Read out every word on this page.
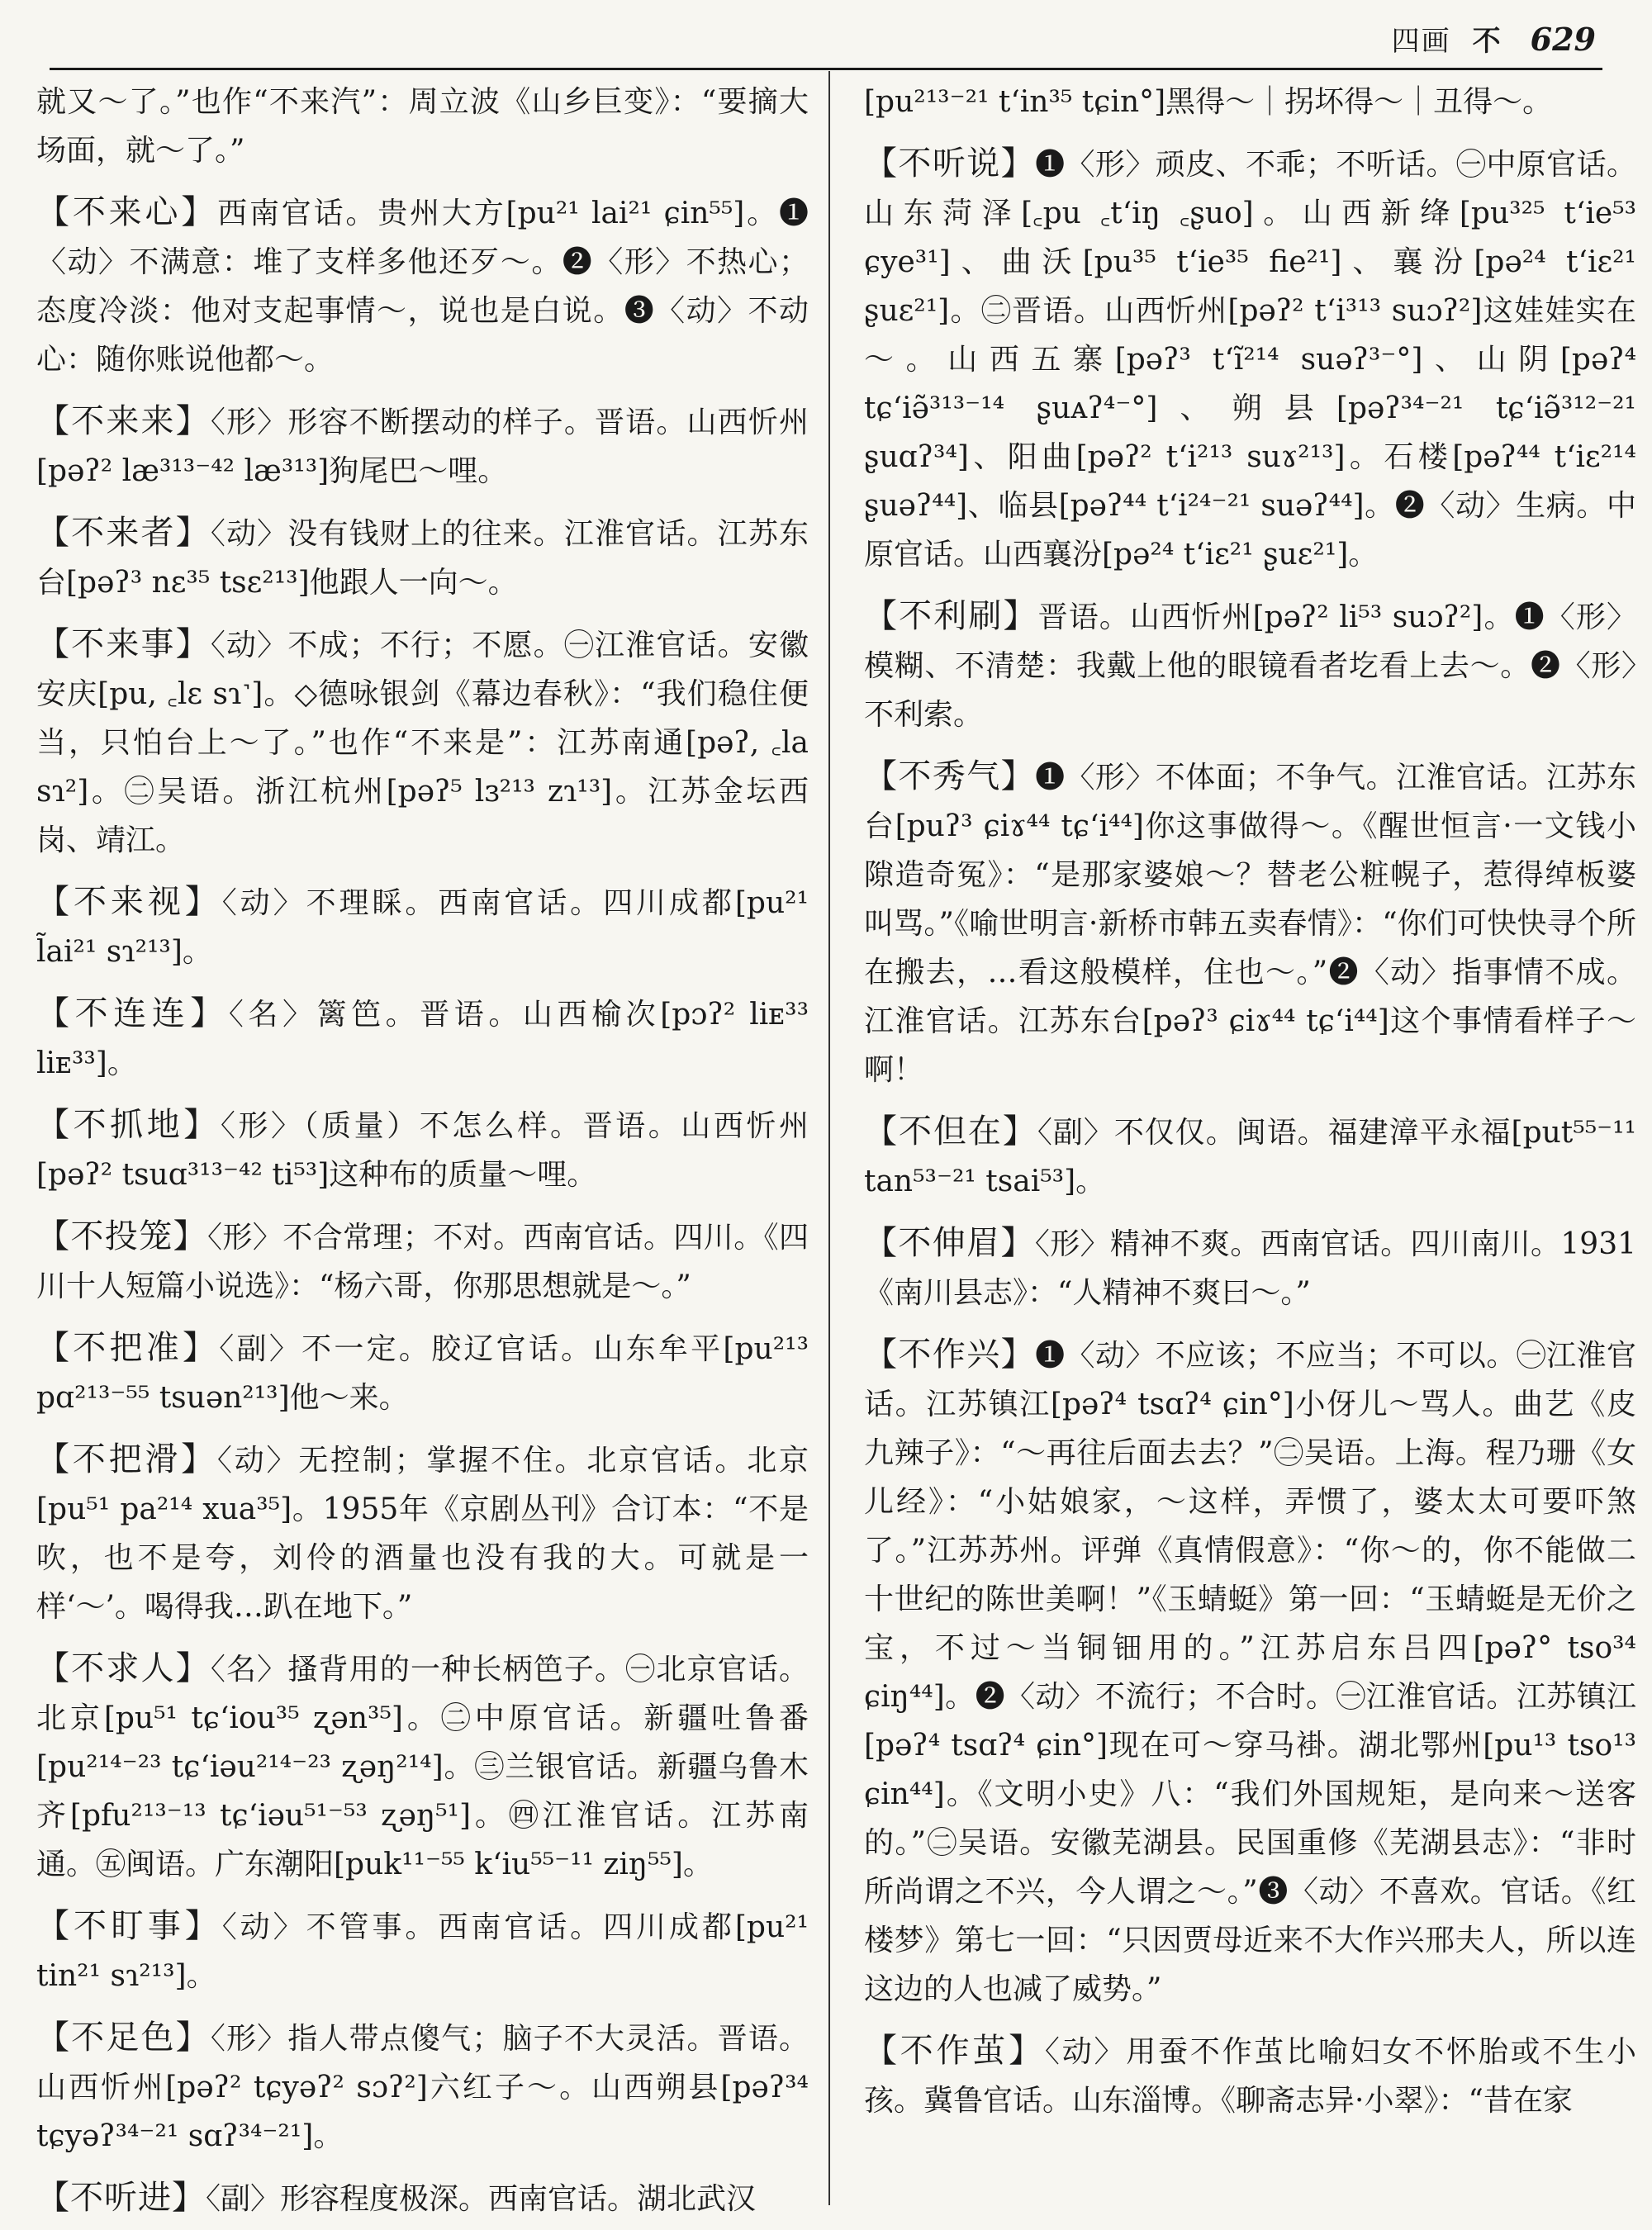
四画 不 629

就又～了。”也作“不来汽”：周立波《山乡巨变》：“要摘大场面，就～了。”

【不来心】西南官话。贵州大方[pu²¹ lai²¹ ɕin⁵⁵]。❶〈动〉不满意：堆了支样多他还歹～。❷〈形〉不热心；态度冷淡：他对支起事情～，说也是白说。❸〈动〉不动心：随你账说他都～。

【不来来】〈形〉形容不断摆动的样子。晋语。山西忻州[pəʔ² læ³¹³⁻⁴² læ³¹³]狗尾巴～哩。

【不来者】〈动〉没有钱财上的往来。江淮官话。江苏东台[pəʔ³ nɛ³⁵ tsɛ²¹³]他跟人一向～。

【不来事】〈动〉不成；不行；不愿。㊀江淮官话。安徽安庆[pu, ꜀lɛ sɿ˺]。◇德咏银剑《幕边春秋》：“我们稳住便当，只怕台上～了。”也作“不来是”：江苏南通[pəʔ, ꜀la sɿ²]。㊁吴语。浙江杭州[pəʔ⁵ lɜ²¹³ zɿ¹³]。江苏金坛西岗、靖江。

【不来视】〈动〉不理睬。西南官话。四川成都[pu²¹ l̃ai²¹ sɿ²¹³]。

【不连连】〈名〉篱笆。晋语。山西榆次[pɔʔ² liᴇ³³ liᴇ³³]。

【不抓地】〈形〉（质量）不怎么样。晋语。山西忻州[pəʔ² tsuɑ³¹³⁻⁴² ti⁵³]这种布的质量～哩。

【不投笼】〈形〉不合常理；不对。西南官话。四川。《四川十人短篇小说选》：“杨六哥，你那思想就是～。”

【不把准】〈副〉不一定。胶辽官话。山东牟平[pu²¹³ pɑ²¹³⁻⁵⁵ tsuən²¹³]他～来。

【不把滑】〈动〉无控制；掌握不住。北京官话。北京[pu⁵¹ pa²¹⁴ xua³⁵]。1955年《京剧丛刊》合订本：“不是吹，也不是夸，刘伶的酒量也没有我的大。可就是一样‘～’。喝得我…趴在地下。”

【不求人】〈名〉搔背用的一种长柄笆子。㊀北京官话。北京[pu⁵¹ tɕʻiou³⁵ ʐən³⁵]。㊁中原官话。新疆吐鲁番[pu²¹⁴⁻²³ tɕʻiəu²¹⁴⁻²³ ʐəŋ²¹⁴]。㊂兰银官话。新疆乌鲁木齐[pfu²¹³⁻¹³ tɕʻiəu⁵¹⁻⁵³ ʐəŋ⁵¹]。㊃江淮官话。江苏南通。㊄闽语。广东潮阳[puk¹¹⁻⁵⁵ kʻiu⁵⁵⁻¹¹ ziŋ⁵⁵]。

【不盯事】〈动〉不管事。西南官话。四川成都[pu²¹ tin²¹ sɿ²¹³]。

【不足色】〈形〉指人带点傻气；脑子不大灵活。晋语。山西忻州[pəʔ² tɕyəʔ² sɔʔ²]六红子～。山西朔县[pəʔ³⁴ tɕyəʔ³⁴⁻²¹ sɑʔ³⁴⁻²¹]。

【不听进】〈副〉形容程度极深。西南官话。湖北武汉

[pu²¹³⁻²¹ tʻin³⁵ tɕin°]黑得～｜拐坏得～｜丑得～。

【不听说】❶〈形〉顽皮、不乖；不听话。㊀中原官话。山东菏泽[꜀pu ꜀tʻiŋ ꜀ʂuo]。山西新绛[pu³²⁵ tʻie⁵³ ɕye³¹]、曲沃[pu³⁵ tʻie³⁵ fie²¹]、襄汾[pə²⁴ tʻiɛ²¹ ʂuɛ²¹]。㊁晋语。山西忻州[pəʔ² tʻi³¹³ suɔʔ²]这娃娃实在～。山西五寨[pəʔ³ tʻĩ²¹⁴ suəʔ³⁻°]、山阴[pəʔ⁴ tɕʻiə̃³¹³⁻¹⁴ ʂuᴀʔ⁴⁻°]、朔县[pəʔ³⁴⁻²¹ tɕʻiə̃³¹²⁻²¹ ʂuɑʔ³⁴]、阳曲[pəʔ² tʻi²¹³ suɤ²¹³]。石楼[pəʔ⁴⁴ tʻiɛ²¹⁴ ʂuəʔ⁴⁴]、临县[pəʔ⁴⁴ tʻi²⁴⁻²¹ suəʔ⁴⁴]。❷〈动〉生病。中原官话。山西襄汾[pə²⁴ tʻiɛ²¹ ʂuɛ²¹]。

【不利刷】晋语。山西忻州[pəʔ² li⁵³ suɔʔ²]。❶〈形〉模糊、不清楚：我戴上他的眼镜看者圪看上去～。❷〈形〉不利索。

【不秀气】❶〈形〉不体面；不争气。江淮官话。江苏东台[puʔ³ ɕiɤ⁴⁴ tɕʻi⁴⁴]你这事做得～。《醒世恒言·一文钱小隙造奇冤》：“是那家婆娘～？替老公粧幌子，惹得绰板婆叫骂。”《喻世明言·新桥市韩五卖春情》：“你们可快快寻个所在搬去，…看这般模样，住也～。”❷〈动〉指事情不成。江淮官话。江苏东台[pəʔ³ ɕiɤ⁴⁴ tɕʻi⁴⁴]这个事情看样子～啊！

【不但在】〈副〉不仅仅。闽语。福建漳平永福[put⁵⁵⁻¹¹ tan⁵³⁻²¹ tsai⁵³]。

【不伸眉】〈形〉精神不爽。西南官话。四川南川。1931《南川县志》：“人精神不爽曰～。”

【不作兴】❶〈动〉不应该；不应当；不可以。㊀江淮官话。江苏镇江[pəʔ⁴ tsɑʔ⁴ ɕin°]小伢儿～骂人。曲艺《皮九辣子》：“～再往后面去去？”㊁吴语。上海。程乃珊《女儿经》：“小姑娘家，～这样，弄惯了，婆太太可要吓煞了。”江苏苏州。评弹《真情假意》：“你～的，你不能做二十世纪的陈世美啊！”《玉蜻蜓》第一回：“玉蜻蜓是无价之宝，不过～当铜钿用的。”江苏启东吕四[pəʔ° tso³⁴ ɕiŋ⁴⁴]。❷〈动〉不流行；不合时。㊀江淮官话。江苏镇江[pəʔ⁴ tsɑʔ⁴ ɕin°]现在可～穿马褂。湖北鄂州[pu¹³ tso¹³ ɕin⁴⁴]。《文明小史》八：“我们外国规矩，是向来～送客的。”㊁吴语。安徽芜湖县。民国重修《芜湖县志》：“非时所尚谓之不兴，今人谓之～。”❸〈动〉不喜欢。官话。《红楼梦》第七一回：“只因贾母近来不大作兴邢夫人，所以连这边的人也减了威势。”

【不作茧】〈动〉用蚕不作茧比喻妇女不怀胎或不生小孩。冀鲁官话。山东淄博。《聊斋志异·小翠》：“昔在家
